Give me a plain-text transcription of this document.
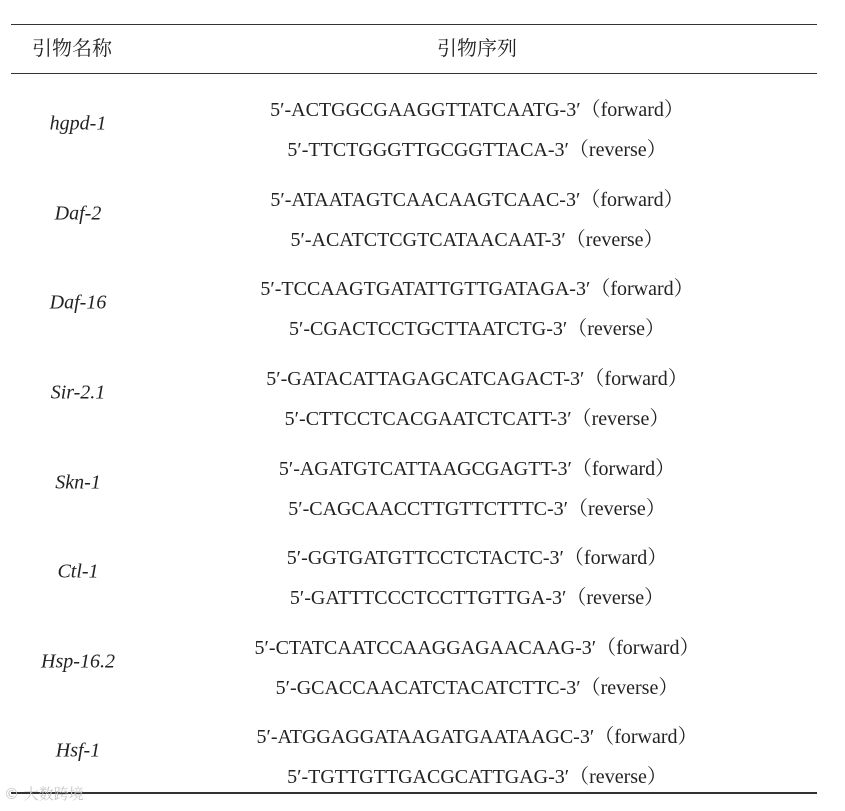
引物名称	引物序列
hgpd-1
5′-ACTGGCGAAGGTTATCAATG-3′（forward）
5′-TTCTGGGTTGCGGTTACA-3′（reverse）
Daf-2
5′-ATAATAGTCAACAAGTCAAC-3′（forward）
5′-ACATCTCGTCATAACAAT-3′（reverse）
Daf-16
5′-TCCAAGTGATATTGTTGATAGA-3′（forward）
5′-CGACTCCTGCTTAATCTG-3′（reverse）
Sir-2.1
5′-GATACATTAGAGCATCAGACT-3′（forward）
5′-CTTCCTCACGAATCTCATT-3′（reverse）
Skn-1
5′-AGATGTCATTAAGCGAGTT-3′（forward）
5′-CAGCAACCTTGTTCTTTC-3′（reverse）
Ctl-1
5′-GGTGATGTTCCTCTACTC-3′（forward）
5′-GATTTCCCTCCTTGTTGA-3′（reverse）
Hsp-16.2
5′-CTATCAATCCAAGGAGAACAAG-3′（forward）
5′-GCACCAACATCTACATCTTC-3′（reverse）
Hsf-1
5′-ATGGAGGATAAGATGAATAAGC-3′（forward）
5′-TGTTGTTGACGCATTGAG-3′（reverse）
© 大数跨境
